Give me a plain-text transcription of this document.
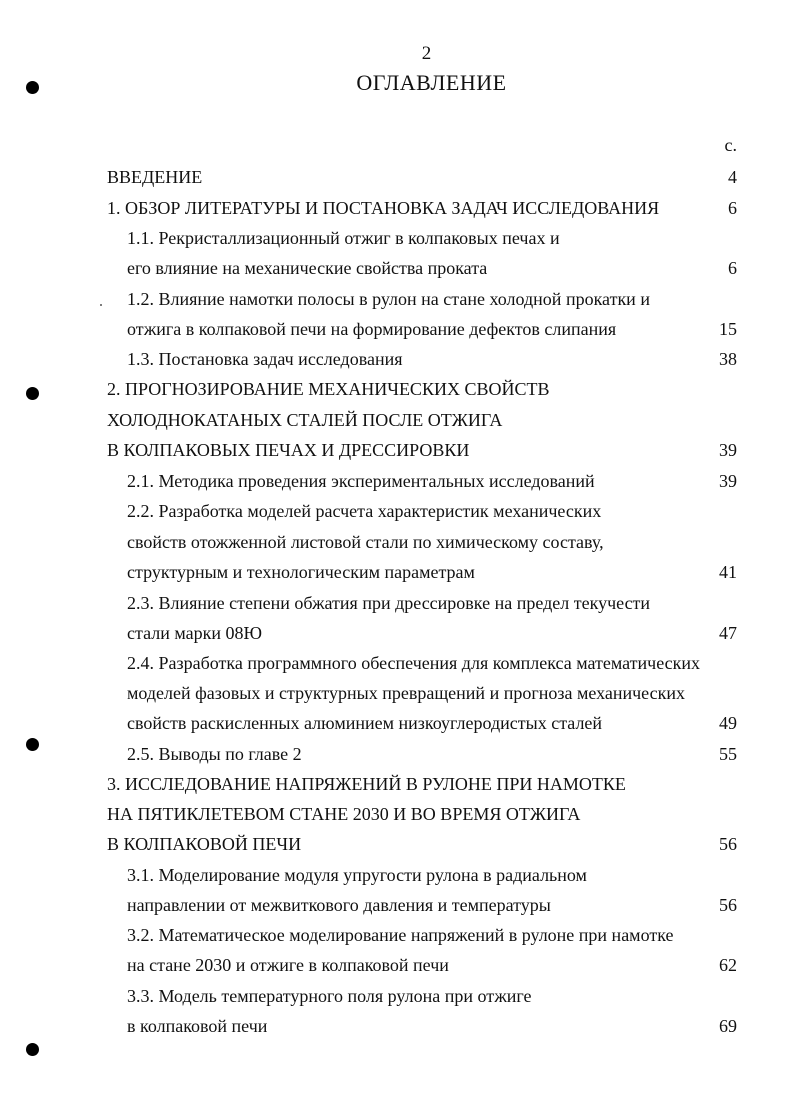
2
ОГЛАВЛЕНИЕ
с.
ВВЕДЕНИЕ	4
1. ОБЗОР ЛИТЕРАТУРЫ И ПОСТАНОВКА ЗАДАЧ ИССЛЕДОВАНИЯ	6
1.1. Рекристаллизационный отжиг в колпаковых печах и
его влияние на механические свойства проката	6
1.2. Влияние намотки полосы в рулон на стане холодной прокатки и
отжига в колпаковой печи на формирование дефектов слипания	15
1.3. Постановка задач исследования	38
2. ПРОГНОЗИРОВАНИЕ МЕХАНИЧЕСКИХ СВОЙСТВ
ХОЛОДНОКАТАНЫХ СТАЛЕЙ ПОСЛЕ ОТЖИГА
В КОЛПАКОВЫХ ПЕЧАХ И ДРЕССИРОВКИ	39
2.1. Методика проведения экспериментальных исследований	39
2.2. Разработка моделей расчета характеристик механических
свойств отожженной листовой стали по химическому составу,
структурным и технологическим параметрам	41
2.3. Влияние степени обжатия при дрессировке на предел текучести
стали марки 08Ю	47
2.4. Разработка программного обеспечения для комплекса математических
моделей фазовых и структурных превращений и прогноза механических
свойств раскисленных алюминием низкоуглеродистых сталей	49
2.5. Выводы по главе 2	55
3. ИССЛЕДОВАНИЕ НАПРЯЖЕНИЙ В РУЛОНЕ ПРИ НАМОТКЕ
НА ПЯТИКЛЕТЕВОМ СТАНЕ 2030 И ВО ВРЕМЯ ОТЖИГА
В КОЛПАКОВОЙ ПЕЧИ	56
3.1. Моделирование модуля упругости рулона в радиальном
направлении от межвиткового давления и температуры	56
3.2. Математическое моделирование напряжений в рулоне при намотке
на стане 2030 и отжиге в колпаковой печи	62
3.3. Модель температурного поля рулона при отжиге
в колпаковой печи	69
